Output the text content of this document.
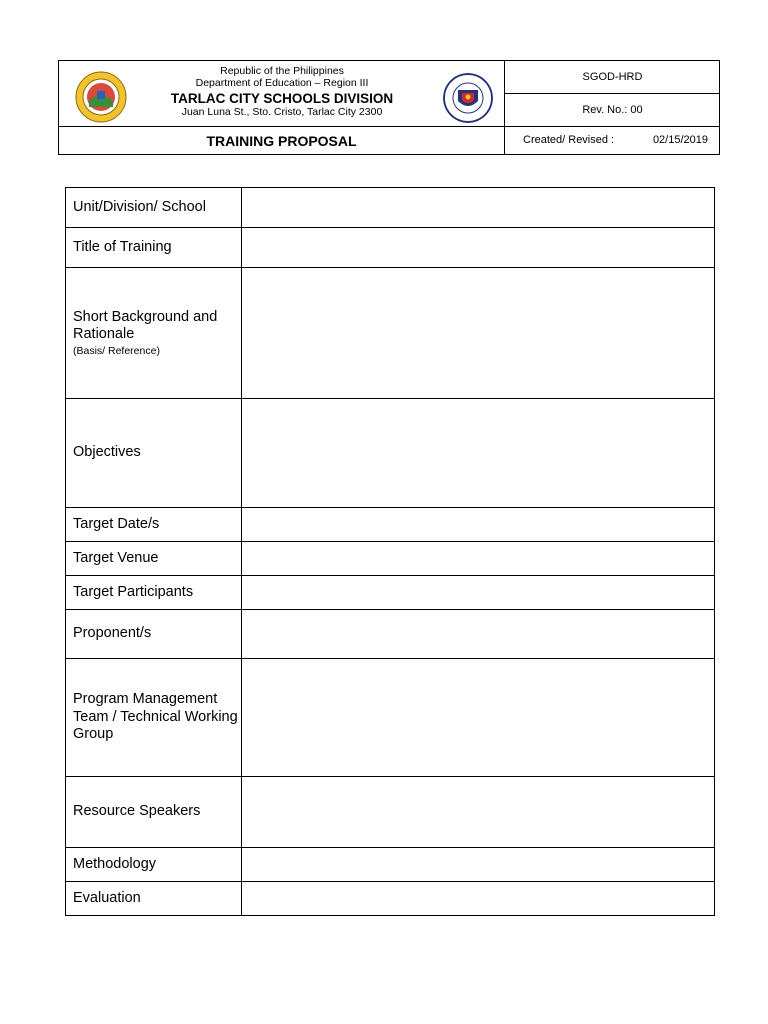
Republic of the Philippines
Department of Education – Region III
TARLAC CITY SCHOOLS DIVISION
Juan Luna St., Sto. Cristo, Tarlac City 2300
TRAINING PROPOSAL
SGOD-HRD
Rev. No.: 00
Created/ Revised :	02/15/2019
Unit/Division/ School	
Title of Training	
Short Background and Rationale
(Basis/ Reference)	

Objectives	
Target Date/s	
Target Venue	
Target Participants	
Proponent/s	
Program Management Team / Technical Working Group	
Resource Speakers	
Methodology	
Evaluation	
